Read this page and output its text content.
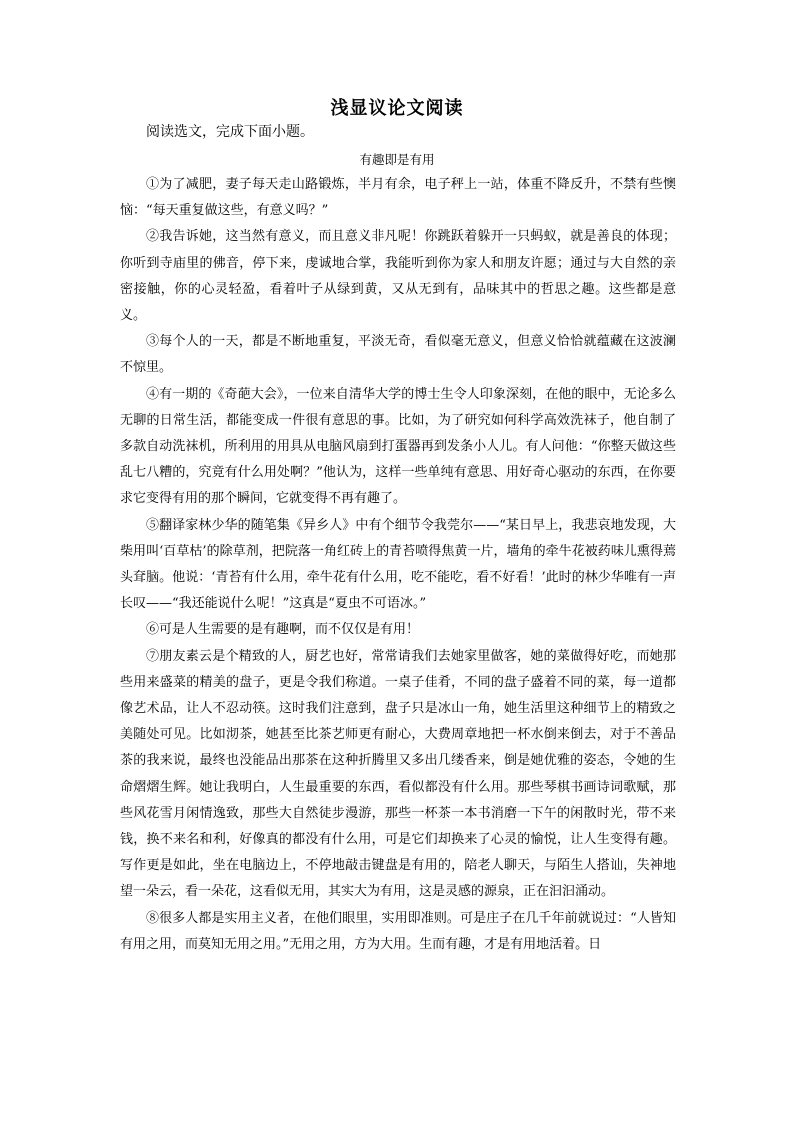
浅显议论文阅读
阅读选文，完成下面小题。
有趣即是有用

①为了减肥，妻子每天走山路锻炼，半月有余，电子秤上一站，体重不降反升，不禁有些懊恼：“每天重复做这些，有意义吗？”

②我告诉她，这当然有意义，而且意义非凡呢！你跳跃着躲开一只蚂蚁，就是善良的体现；你听到寺庙里的佛音，停下来，虔诚地合掌，我能听到你为家人和朋友许愿；通过与大自然的亲密接触，你的心灵轻盈，看着叶子从绿到黄，又从无到有，品味其中的哲思之趣。这些都是意义。

③每个人的一天，都是不断地重复，平淡无奇，看似毫无意义，但意义恰恰就蕴藏在这波澜不惊里。

④有一期的《奇葩大会》，一位来自清华大学的博士生令人印象深刻，在他的眼中，无论多么无聊的日常生活，都能变成一件很有意思的事。比如，为了研究如何科学高效洗袜子，他自制了多款自动洗袜机，所利用的用具从电脑风扇到打蛋器再到发条小人儿。有人问他：“你整天做这些乱七八糟的，究竟有什么用处啊？”他认为，这样一些单纯有意思、用好奇心驱动的东西，在你要求它变得有用的那个瞬间，它就变得不再有趣了。

⑤翻译家林少华的随笔集《异乡人》中有个细节令我莞尔——“某日早上，我悲哀地发现，大柴用叫‘百草枯’的除草剂，把院落一角红砖上的青苔喷得焦黄一片，墙角的牵牛花被药味儿熏得蔫头耷脑。他说：‘青苔有什么用，牵牛花有什么用，吃不能吃，看不好看！’此时的林少华唯有一声长叹——“我还能说什么呢！”这真是“夏虫不可语冰。”

⑥可是人生需要的是有趣啊，而不仅仅是有用！

⑦朋友素云是个精致的人，厨艺也好，常常请我们去她家里做客，她的菜做得好吃，而她那些用来盛菜的精美的盘子，更是令我们称道。一桌子佳肴，不同的盘子盛着不同的菜，每一道都像艺术品，让人不忍动筷。这时我们注意到，盘子只是冰山一角，她生活里这种细节上的精致之美随处可见。比如沏茶，她甚至比茶艺师更有耐心，大费周章地把一杯水倒来倒去，对于不善品茶的我来说，最终也没能品出那茶在这种折腾里又多出几缕香来，倒是她优雅的姿态，令她的生命熠熠生辉。她让我明白，人生最重要的东西，看似都没有什么用。那些琴棋书画诗词歌赋，那些风花雪月闲情逸致，那些大自然徒步漫游，那些一杯茶一本书消磨一下午的闲散时光，带不来钱，换不来名和利，好像真的都没有什么用，可是它们却换来了心灵的愉悦，让人生变得有趣。写作更是如此，坐在电脑边上，不停地敲击键盘是有用的，陪老人聊天，与陌生人搭讪，失神地望一朵云，看一朵花，这看似无用，其实大为有用，这是灵感的源泉，正在汩汩涌动。

⑧很多人都是实用主义者，在他们眼里，实用即准则。可是庄子在几千年前就说过：“人皆知有用之用，而莫知无用之用。”无用之用，方为大用。生而有趣，才是有用地活着。日
